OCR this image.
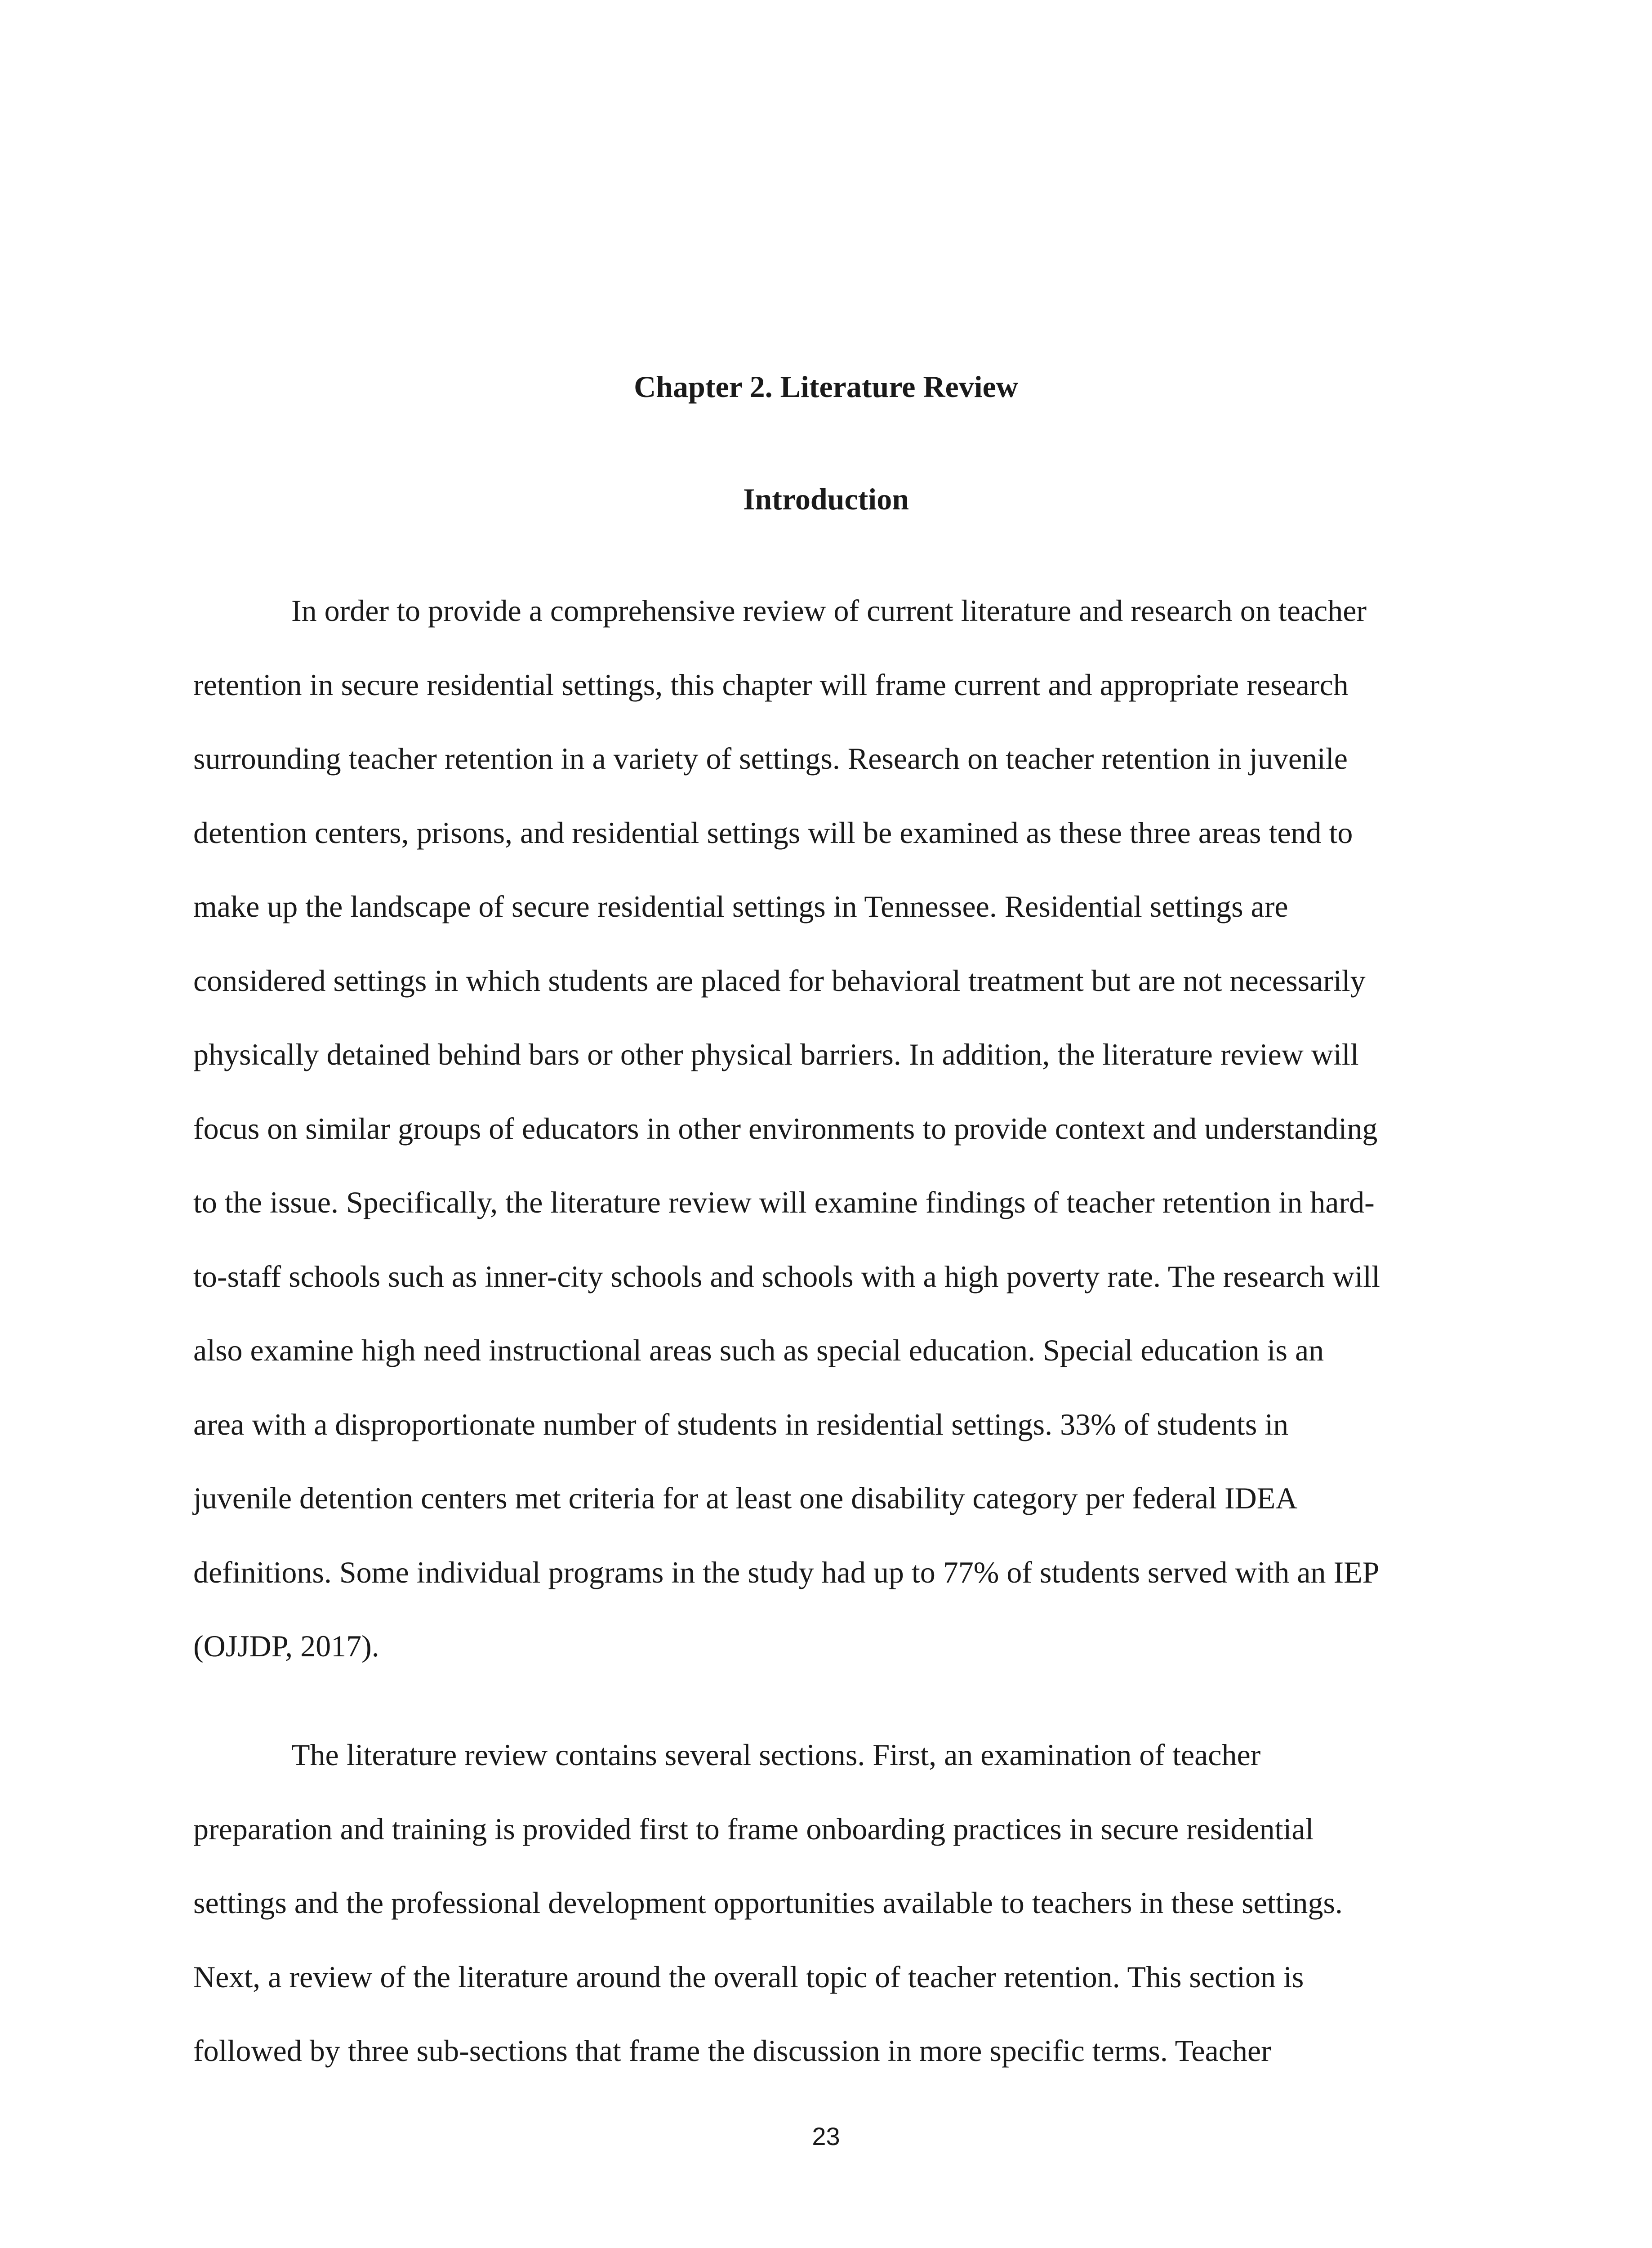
Chapter 2. Literature Review
Introduction
In order to provide a comprehensive review of current literature and research on teacher
retention in secure residential settings, this chapter will frame current and appropriate research
surrounding teacher retention in a variety of settings. Research on teacher retention in juvenile
detention centers, prisons, and residential settings will be examined as these three areas tend to
make up the landscape of secure residential settings in Tennessee. Residential settings are
considered settings in which students are placed for behavioral treatment but are not necessarily
physically detained behind bars or other physical barriers. In addition, the literature review will
focus on similar groups of educators in other environments to provide context and understanding
to the issue. Specifically, the literature review will examine findings of teacher retention in hard-
to-staff schools such as inner-city schools and schools with a high poverty rate. The research will
also examine high need instructional areas such as special education. Special education is an
area with a disproportionate number of students in residential settings. 33% of students in
juvenile detention centers met criteria for at least one disability category per federal IDEA
definitions. Some individual programs in the study had up to 77% of students served with an IEP
(OJJDP, 2017).
The literature review contains several sections. First, an examination of teacher
preparation and training is provided first to frame onboarding practices in secure residential
settings and the professional development opportunities available to teachers in these settings.
Next, a review of the literature around the overall topic of teacher retention. This section is
followed by three sub-sections that frame the discussion in more specific terms. Teacher
23
